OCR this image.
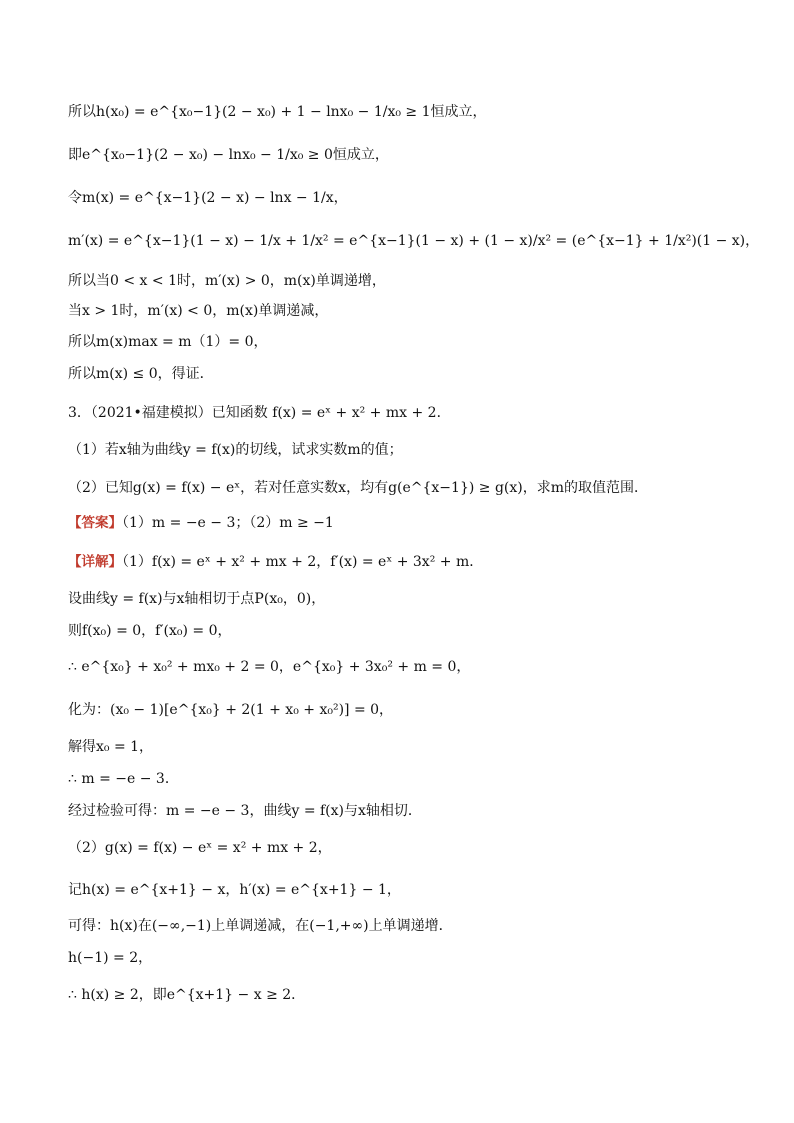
所以h(x₀) = e^{x₀−1}(2 − x₀) + 1 − lnx₀ − 1/x₀ ≥ 1恒成立，
即e^{x₀−1}(2 − x₀) − lnx₀ − 1/x₀ ≥ 0恒成立，
令m(x) = e^{x−1}(2 − x) − lnx − 1/x，
m′(x) = e^{x−1}(1 − x) − 1/x + 1/x² = e^{x−1}(1 − x) + (1 − x)/x² = (e^{x−1} + 1/x²)(1 − x)，
所以当0 < x < 1时，m′(x) > 0，m(x)单调递增，
当x > 1时，m′(x) < 0，m(x)单调递减，
所以m(x)max = m（1）= 0，
所以m(x) ≤ 0，得证．
3．（2021•福建模拟）已知函数 f(x) = eˣ + x² + mx + 2．
（1）若x轴为曲线y = f(x)的切线，试求实数m的值；
（2）已知g(x) = f(x) − eˣ，若对任意实数x，均有g(e^{x−1}) ≥ g(x)，求m的取值范围．
【答案】（1）m = −e − 3；（2）m ≥ −1
【详解】（1）f(x) = eˣ + x² + mx + 2，f′(x) = eˣ + 3x² + m．
设曲线y = f(x)与x轴相切于点P(x₀，0)，
则f(x₀) = 0，f′(x₀) = 0，
∴ e^{x₀} + x₀² + mx₀ + 2 = 0，e^{x₀} + 3x₀² + m = 0，
化为：(x₀ − 1)[e^{x₀} + 2(1 + x₀ + x₀²)] = 0，
解得x₀ = 1，
∴ m = −e − 3．
经过检验可得：m = −e − 3，曲线y = f(x)与x轴相切．
（2）g(x) = f(x) − eˣ = x² + mx + 2，
记h(x) = e^{x+1} − x，h′(x) = e^{x+1} − 1，
可得：h(x)在(−∞,−1)上单调递减，在(−1,+∞)上单调递增．
h(−1) = 2，
∴ h(x) ≥ 2，即e^{x+1} − x ≥ 2．
